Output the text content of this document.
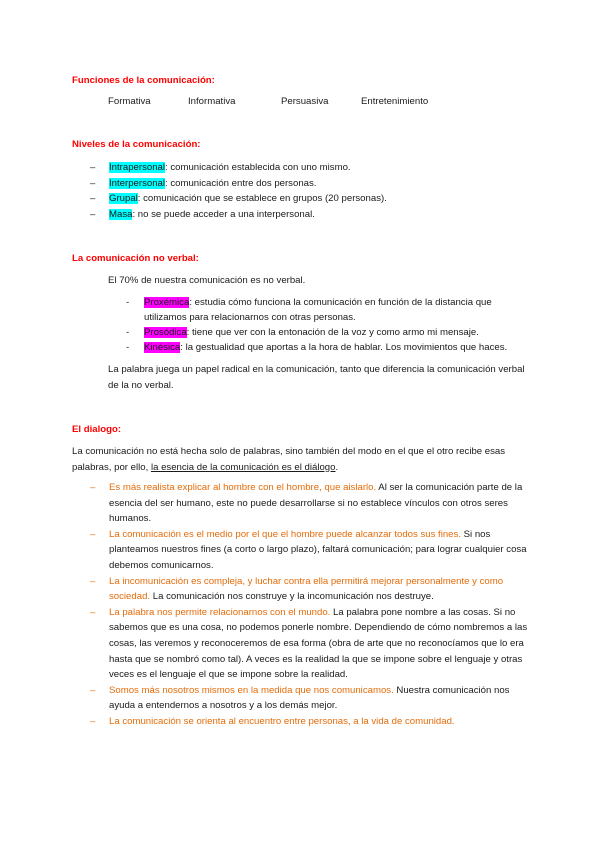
Funciones de la comunicación:
Formativa	Informativa	Persuasiva	Entretenimiento
Niveles de la comunicación:
– Intrapersonal: comunicación establecida con uno mismo.
– Interpersonal: comunicación entre dos personas.
– Grupal: comunicación que se establece en grupos (20 personas).
– Masa: no se puede acceder a una interpersonal.
La comunicación no verbal:
El 70% de nuestra comunicación es no verbal.
- Proxémica: estudia cómo funciona la comunicación en función de la distancia que utilizamos para relacionarnos con otras personas.
- Prosódica: tiene que ver con la entonación de la voz y como armo mi mensaje.
- Kinésica: la gestualidad que aportas a la hora de hablar. Los movimientos que haces.
La palabra juega un papel radical en la comunicación, tanto que diferencia la comunicación verbal de la no verbal.
El dialogo:
La comunicación no está hecha solo de palabras, sino también del modo en el que el otro recibe esas palabras, por ello, la esencia de la comunicación es el diálogo.
– Es más realista explicar al hombre con el hombre, que aislarlo. Al ser la comunicación parte de la esencia del ser humano, este no puede desarrollarse si no establece vínculos con otros seres humanos.
– La comunicación es el medio por el que el hombre puede alcanzar todos sus fines. Si nos planteamos nuestros fines (a corto o largo plazo), faltará comunicación; para lograr cualquier cosa debemos comunicarnos.
– La incomunicación es compleja, y luchar contra ella permitirá mejorar personalmente y como sociedad. La comunicación nos construye y la incomunicación nos destruye.
– La palabra nos permite relacionarnos con el mundo. La palabra pone nombre a las cosas. Si no sabemos que es una cosa, no podemos ponerle nombre. Dependiendo de cómo nombremos a las cosas, las veremos y reconoceremos de esa forma (obra de arte que no reconocíamos que lo era hasta que se nombró como tal). A veces es la realidad la que se impone sobre el lenguaje y otras veces es el lenguaje el que se impone sobre la realidad.
– Somos más nosotros mismos en la medida que nos comunicamos. Nuestra comunicación nos ayuda a entendernos a nosotros y a los demás mejor.
– La comunicación se orienta al encuentro entre personas, a la vida de comunidad.
